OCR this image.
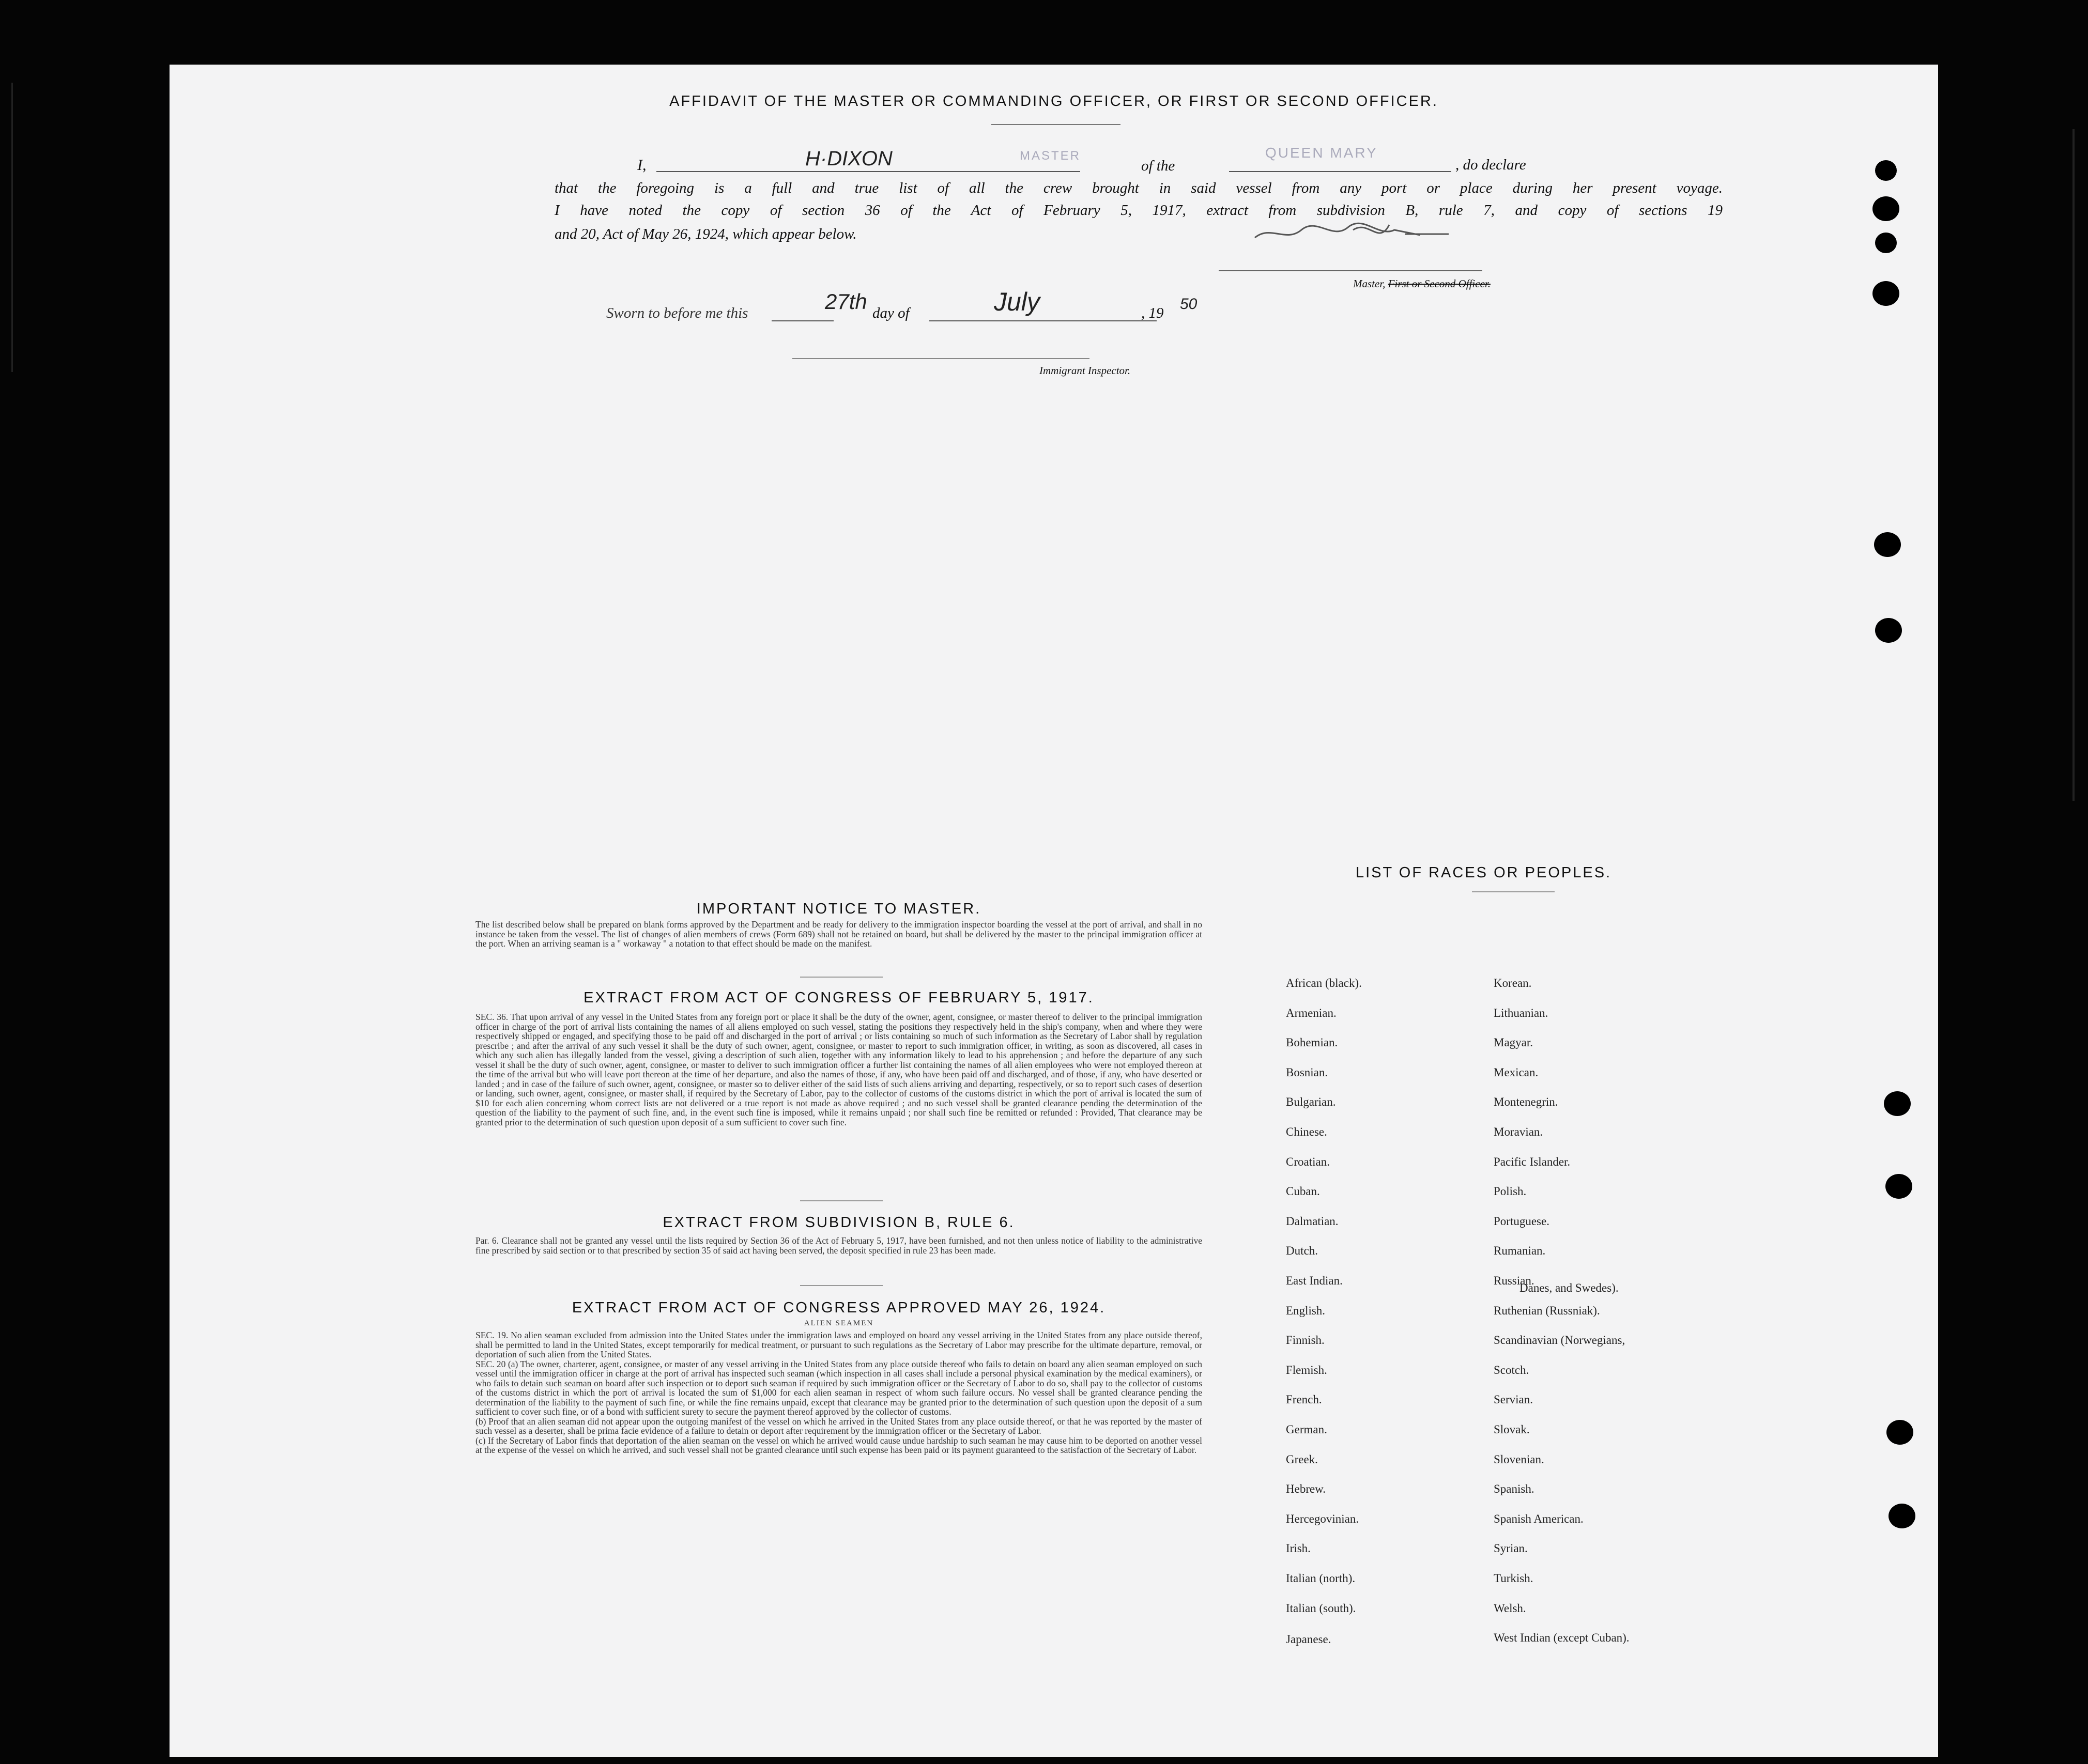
AFFIDAVIT OF THE MASTER OR COMMANDING OFFICER, OR FIRST OR SECOND OFFICER.
I,	H·DIXON	MASTER
of the
QUEEN MARY
, do declare
that the foregoing is a full and true list of all the crew brought in said vessel from any port or place during her present voyage.
I have noted the copy of section 36 of the Act of February 5, 1917, extract from subdivision B, rule 7, and copy of sections 19
and 20, Act of May 26, 1924, which appear below.
Master, First or Second Officer.
Sworn to before me this	27th day of	July	, 19
50
Immigrant Inspector.
IMPORTANT NOTICE TO MASTER.
The list described below shall be prepared on blank forms approved by the Department and be ready for delivery to the immigration inspector boarding the vessel at the port of arrival, and shall in no instance be taken from the vessel. The list of changes of alien members of crews (Form 689) shall not be retained on board, but shall be delivered by the master to the principal immigration officer at the port. When an arriving seaman is a " workaway " a notation to that effect should be made on the manifest.
EXTRACT FROM ACT OF CONGRESS OF FEBRUARY 5, 1917.
SEC. 36. That upon arrival of any vessel in the United States from any foreign port or place it shall be the duty of the owner, agent, consignee, or master thereof to deliver to the principal immigration officer in charge of the port of arrival lists containing the names of all aliens employed on such vessel, stating the positions they respectively held in the ship's company, when and where they were respectively shipped or engaged, and specifying those to be paid off and discharged in the port of arrival ; or lists containing so much of such information as the Secretary of Labor shall by regulation prescribe ; and after the arrival of any such vessel it shall be the duty of such owner, agent, consignee, or master to report to such immigration officer, in writing, as soon as discovered, all cases in which any such alien has illegally landed from the vessel, giving a description of such alien, together with any information likely to lead to his apprehension ; and before the departure of any such vessel it shall be the duty of such owner, agent, consignee, or master to deliver to such immigration officer a further list containing the names of all alien employees who were not employed thereon at the time of the arrival but who will leave port thereon at the time of her departure, and also the names of those, if any, who have been paid off and discharged, and of those, if any, who have deserted or landed ; and in case of the failure of such owner, agent, consignee, or master so to deliver either of the said lists of such aliens arriving and departing, respectively, or so to report such cases of desertion or landing, such owner, agent, consignee, or master shall, if required by the Secretary of Labor, pay to the collector of customs of the customs district in which the port of arrival is located the sum of $10 for each alien concerning whom correct lists are not delivered or a true report is not made as above required ; and no such vessel shall be granted clearance pending the determination of the question of the liability to the payment of such fine, and, in the event such fine is imposed, while it remains unpaid ; nor shall such fine be remitted or refunded : Provided, That clearance may be granted prior to the determination of such question upon deposit of a sum sufficient to cover such fine.
EXTRACT FROM SUBDIVISION B, RULE 6.
Par. 6. Clearance shall not be granted any vessel until the lists required by Section 36 of the Act of February 5, 1917, have been furnished, and not then unless notice of liability to the administrative fine prescribed by said section or to that prescribed by section 35 of said act having been served, the deposit specified in rule 23 has been made.
EXTRACT FROM ACT OF CONGRESS APPROVED MAY 26, 1924.
ALIEN SEAMEN
SEC. 19. No alien seaman excluded from admission into the United States under the immigration laws and employed on board any vessel arriving in the United States from any place outside thereof, shall be permitted to land in the United States, except temporarily for medical treatment, or pursuant to such regulations as the Secretary of Labor may prescribe for the ultimate departure, removal, or deportation of such alien from the United States.
SEC. 20 (a) The owner, charterer, agent, consignee, or master of any vessel arriving in the United States from any place outside thereof who fails to detain on board any alien seaman employed on such vessel until the immigration officer in charge at the port of arrival has inspected such seaman (which inspection in all cases shall include a personal physical examination by the medical examiners), or who fails to detain such seaman on board after such inspection or to deport such seaman if required by such immigration officer or the Secretary of Labor to do so, shall pay to the collector of customs of the customs district in which the port of arrival is located the sum of $1,000 for each alien seaman in respect of whom such failure occurs. No vessel shall be granted clearance pending the determination of the liability to the payment of such fine, or while the fine remains unpaid, except that clearance may be granted prior to the determination of such question upon the deposit of a sum sufficient to cover such fine, or of a bond with sufficient surety to secure the payment thereof approved by the collector of customs.
(b) Proof that an alien seaman did not appear upon the outgoing manifest of the vessel on which he arrived in the United States from any place outside thereof, or that he was reported by the master of such vessel as a deserter, shall be prima facie evidence of a failure to detain or deport after requirement by the immigration officer or the Secretary of Labor.
(c) If the Secretary of Labor finds that deportation of the alien seaman on the vessel on which he arrived would cause undue hardship to such seaman he may cause him to be deported on another vessel at the expense of the vessel on which he arrived, and such vessel shall not be granted clearance until such expense has been paid or its payment guaranteed to the satisfaction of the Secretary of Labor.
LIST OF RACES OR PEOPLES.
African (black).
Armenian.
Bohemian.
Bosnian.
Bulgarian.
Chinese.
Croatian.
Cuban.
Dalmatian.
Dutch.
East Indian.
English.
Finnish.
Flemish.
French.
German.
Greek.
Hebrew.
Hercegovinian.
Irish.
Italian (north).
Italian (south).
Japanese.
Korean.
Lithuanian.
Magyar.
Mexican.
Montenegrin.
Moravian.
Pacific Islander.
Polish.
Portuguese.
Rumanian.
Russian.
Ruthenian (Russniak).
Scandinavian (Norwegians,
Scotch.
Servian.
Slovak.
Slovenian.
Spanish.
Spanish American.
Syrian.
Turkish.
Welsh.
West Indian (except Cuban).
Danes, and Swedes).
